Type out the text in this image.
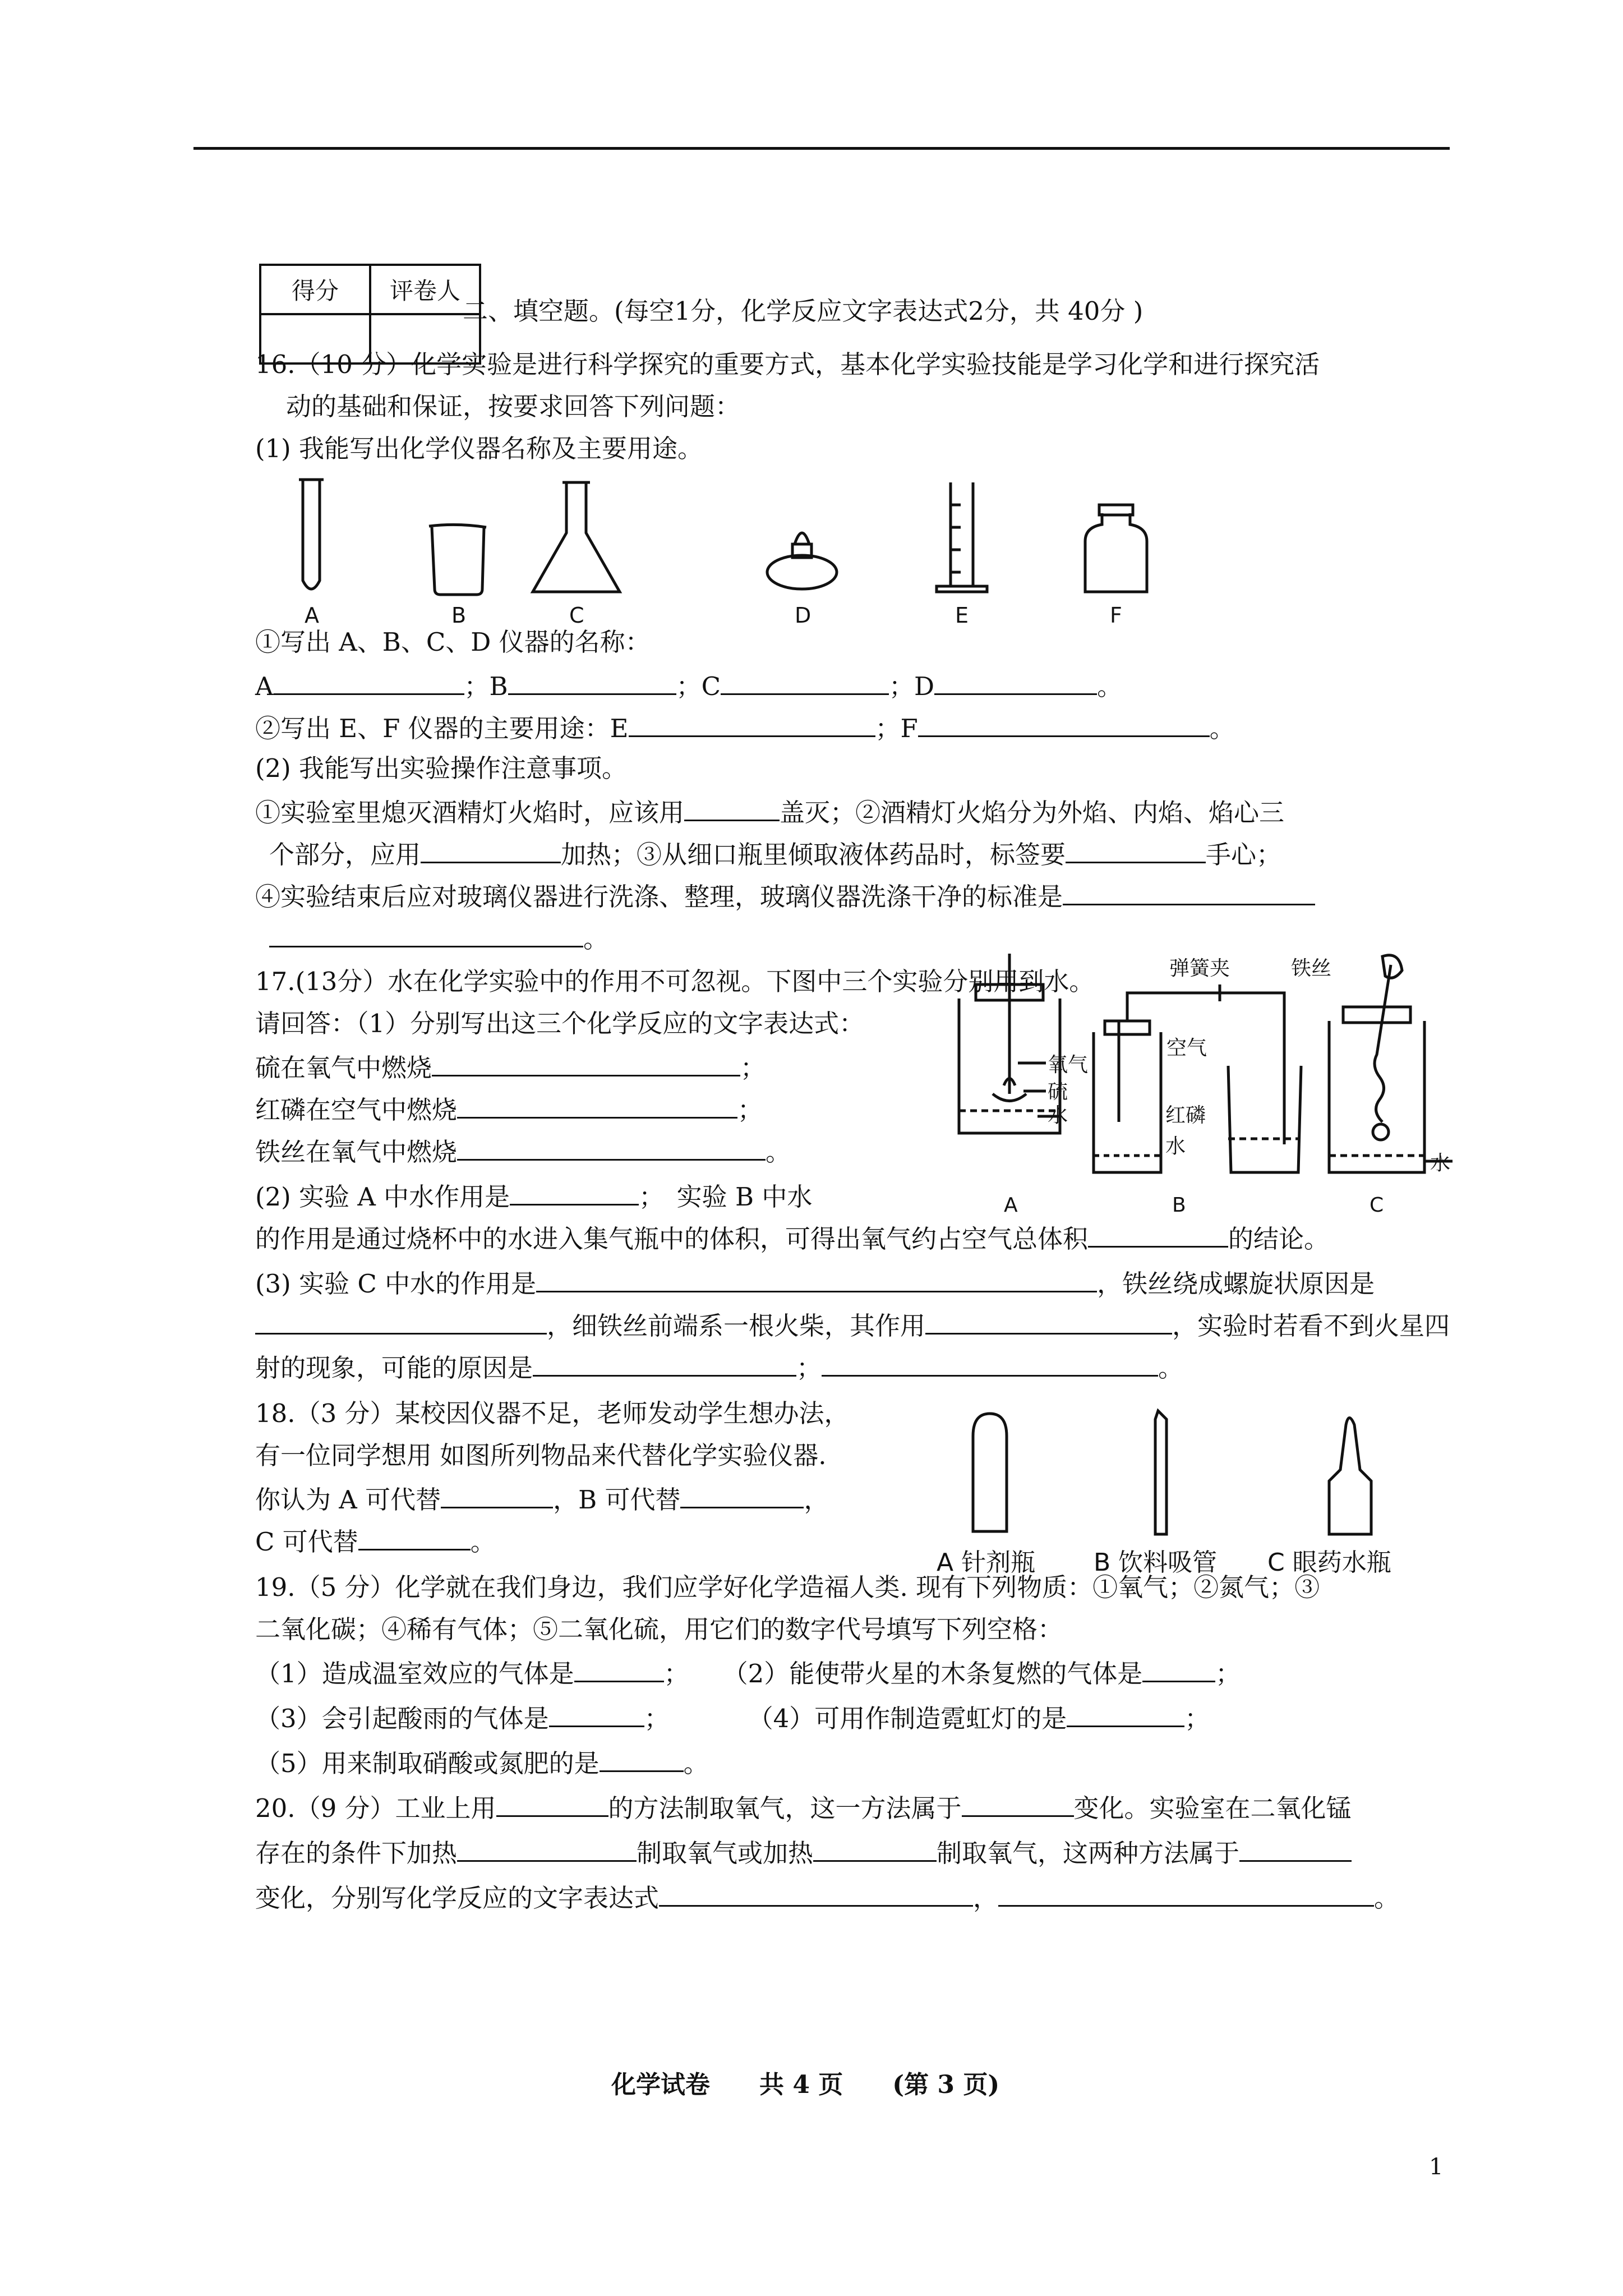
得分	评卷人

二、填空题。(每空1分，化学反应文字表达式2分，共 40分 )
16.（10 分）化学实验是进行科学探究的重要方式，基本化学实验技能是学习化学和进行探究活
动的基础和保证，按要求回答下列问题：
(1) 我能写出化学仪器名称及主要用途。
A	B	C	D	E	F
①写出 A、B、C、D 仪器的名称：
A	；B	；C	；D	。
②写出 E、F 仪器的主要用途：E	；F	。
(2) 我能写出实验操作注意事项。
①实验室里熄灭酒精灯火焰时，应该用	盖灭；②酒精灯火焰分为外焰、内焰、焰心三
个部分，应用	加热；③从细口瓶里倾取液体药品时，标签要	手心；
④实验结束后应对玻璃仪器进行洗涤、整理，玻璃仪器洗涤干净的标准是
。
17.(13分）水在化学实验中的作用不可忽视。下图中三个实验分别用到水。
请回答：（1）分别写出这三个化学反应的文字表达式：
硫在氧气中燃烧	；
红磷在空气中燃烧	；
铁丝在氧气中燃烧	。
氧气
硫
水
弹簧夹
空气
红磷
水
铁丝
水
A	B	C
(2) 实验 A 中水作用是	；　实验 B 中水
的作用是通过烧杯中的水进入集气瓶中的体积，可得出氧气约占空气总体积	的结论。
(3) 实验 C 中水的作用是	，铁丝绕成螺旋状原因是
，细铁丝前端系一根火柴，其作用	，实验时若看不到火星四
射的现象，可能的原因是	；	。
18.（3 分）某校因仪器不足，老师发动学生想办法，
有一位同学想用 如图所列物品来代替化学实验仪器.
你认为 A 可代替	，B 可代替	，
C 可代替	。
A 针剂瓶 B 饮料吸管 C 眼药水瓶
19.（5 分）化学就在我们身边，我们应学好化学造福人类. 现有下列物质：①氧气；②氮气；③
二氧化碳；④稀有气体；⑤二氧化硫，用它们的数字代号填写下列空格：
（1）造成温室效应的气体是	； （2）能使带火星的木条复燃的气体是	；
（3）会引起酸雨的气体是	；	（4）可用作制造霓虹灯的是	；
（5）用来制取硝酸或氮肥的是	。
20.（9 分）工业上用	的方法制取氧气，这一方法属于	变化。实验室在二氧化锰
存在的条件下加热	制取氧气或加热	制取氧气，这两种方法属于
变化，分别写化学反应的文字表达式	，	。
化学试卷　　共 4 页　　(第 3 页)
1
